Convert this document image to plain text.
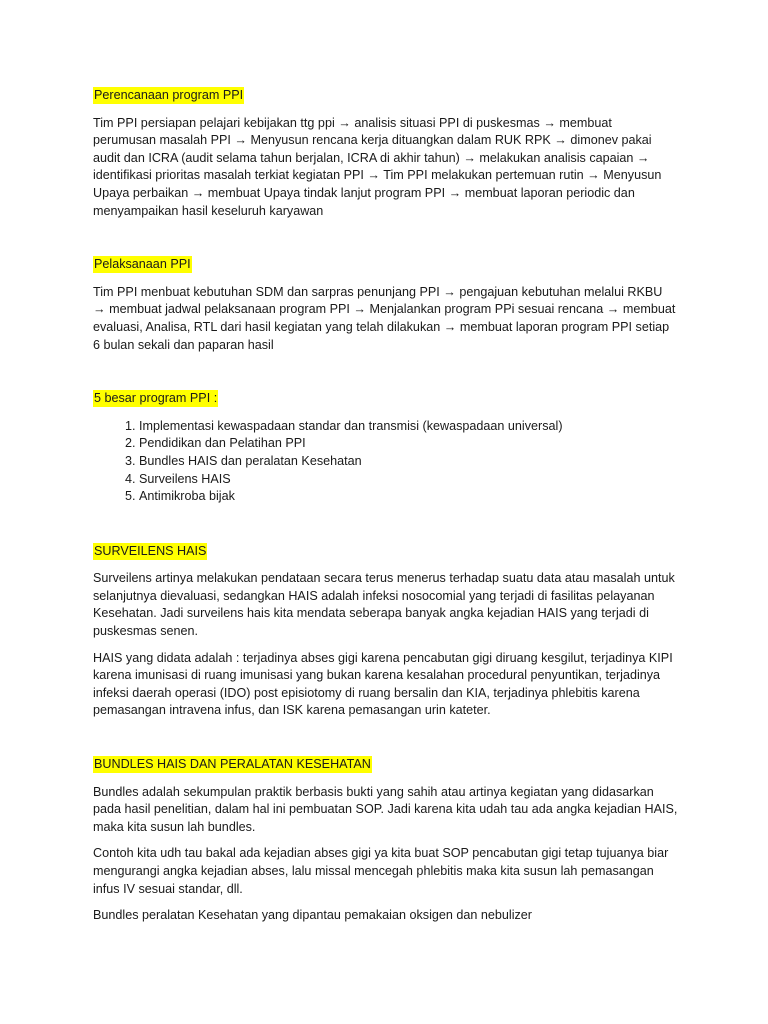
Perencanaan program PPI

Tim PPI persiapan pelajari kebijakan ttg ppi → analisis situasi PPI di puskesmas → membuat perumusan masalah PPI → Menyusun rencana kerja dituangkan dalam RUK RPK → dimonev pakai audit dan ICRA (audit selama tahun berjalan, ICRA di akhir tahun) → melakukan analisis capaian → identifikasi prioritas masalah terkiat kegiatan PPI → Tim PPI melakukan pertemuan rutin → Menyusun Upaya perbaikan → membuat Upaya tindak lanjut program PPI → membuat laporan periodic dan menyampaikan hasil keseluruh karyawan

Pelaksanaan PPI

Tim PPI menbuat kebutuhan SDM dan sarpras penunjang PPI → pengajuan kebutuhan melalui RKBU → membuat jadwal pelaksanaan program PPI → Menjalankan program PPi sesuai rencana → membuat evaluasi, Analisa, RTL dari hasil kegiatan yang telah dilakukan → membuat laporan program PPI setiap 6 bulan sekali dan paparan hasil

5 besar program PPI :
1. Implementasi kewaspadaan standar dan transmisi (kewaspadaan universal)
2. Pendidikan dan Pelatihan PPI
3. Bundles HAIS dan peralatan Kesehatan
4. Surveilens HAIS
5. Antimikroba bijak
SURVEILENS HAIS

Surveilens artinya melakukan pendataan secara terus menerus terhadap suatu data atau masalah untuk selanjutnya dievaluasi, sedangkan HAIS adalah infeksi nosocomial yang terjadi di fasilitas pelayanan Kesehatan. Jadi surveilens hais kita mendata seberapa banyak angka kejadian HAIS yang terjadi di puskesmas senen.

HAIS yang didata adalah : terjadinya abses gigi karena pencabutan gigi diruang kesgilut, terjadinya KIPI karena imunisasi di ruang imunisasi yang bukan karena kesalahan procedural penyuntikan, terjadinya infeksi daerah operasi (IDO) post episiotomy di ruang bersalin dan KIA, terjadinya phlebitis karena pemasangan intravena infus, dan ISK karena pemasangan urin kateter.

BUNDLES HAIS DAN PERALATAN KESEHATAN

Bundles adalah sekumpulan praktik berbasis bukti yang sahih atau artinya kegiatan yang didasarkan pada hasil penelitian, dalam hal ini pembuatan SOP. Jadi karena kita udah tau ada angka kejadian HAIS, maka kita susun lah bundles.

Contoh kita udh tau bakal ada kejadian abses gigi ya kita buat SOP pencabutan gigi tetap tujuanya biar mengurangi angka kejadian abses, lalu missal mencegah phlebitis maka kita susun lah pemasangan infus IV sesuai standar, dll.

Bundles peralatan Kesehatan yang dipantau pemakaian oksigen dan nebulizer
